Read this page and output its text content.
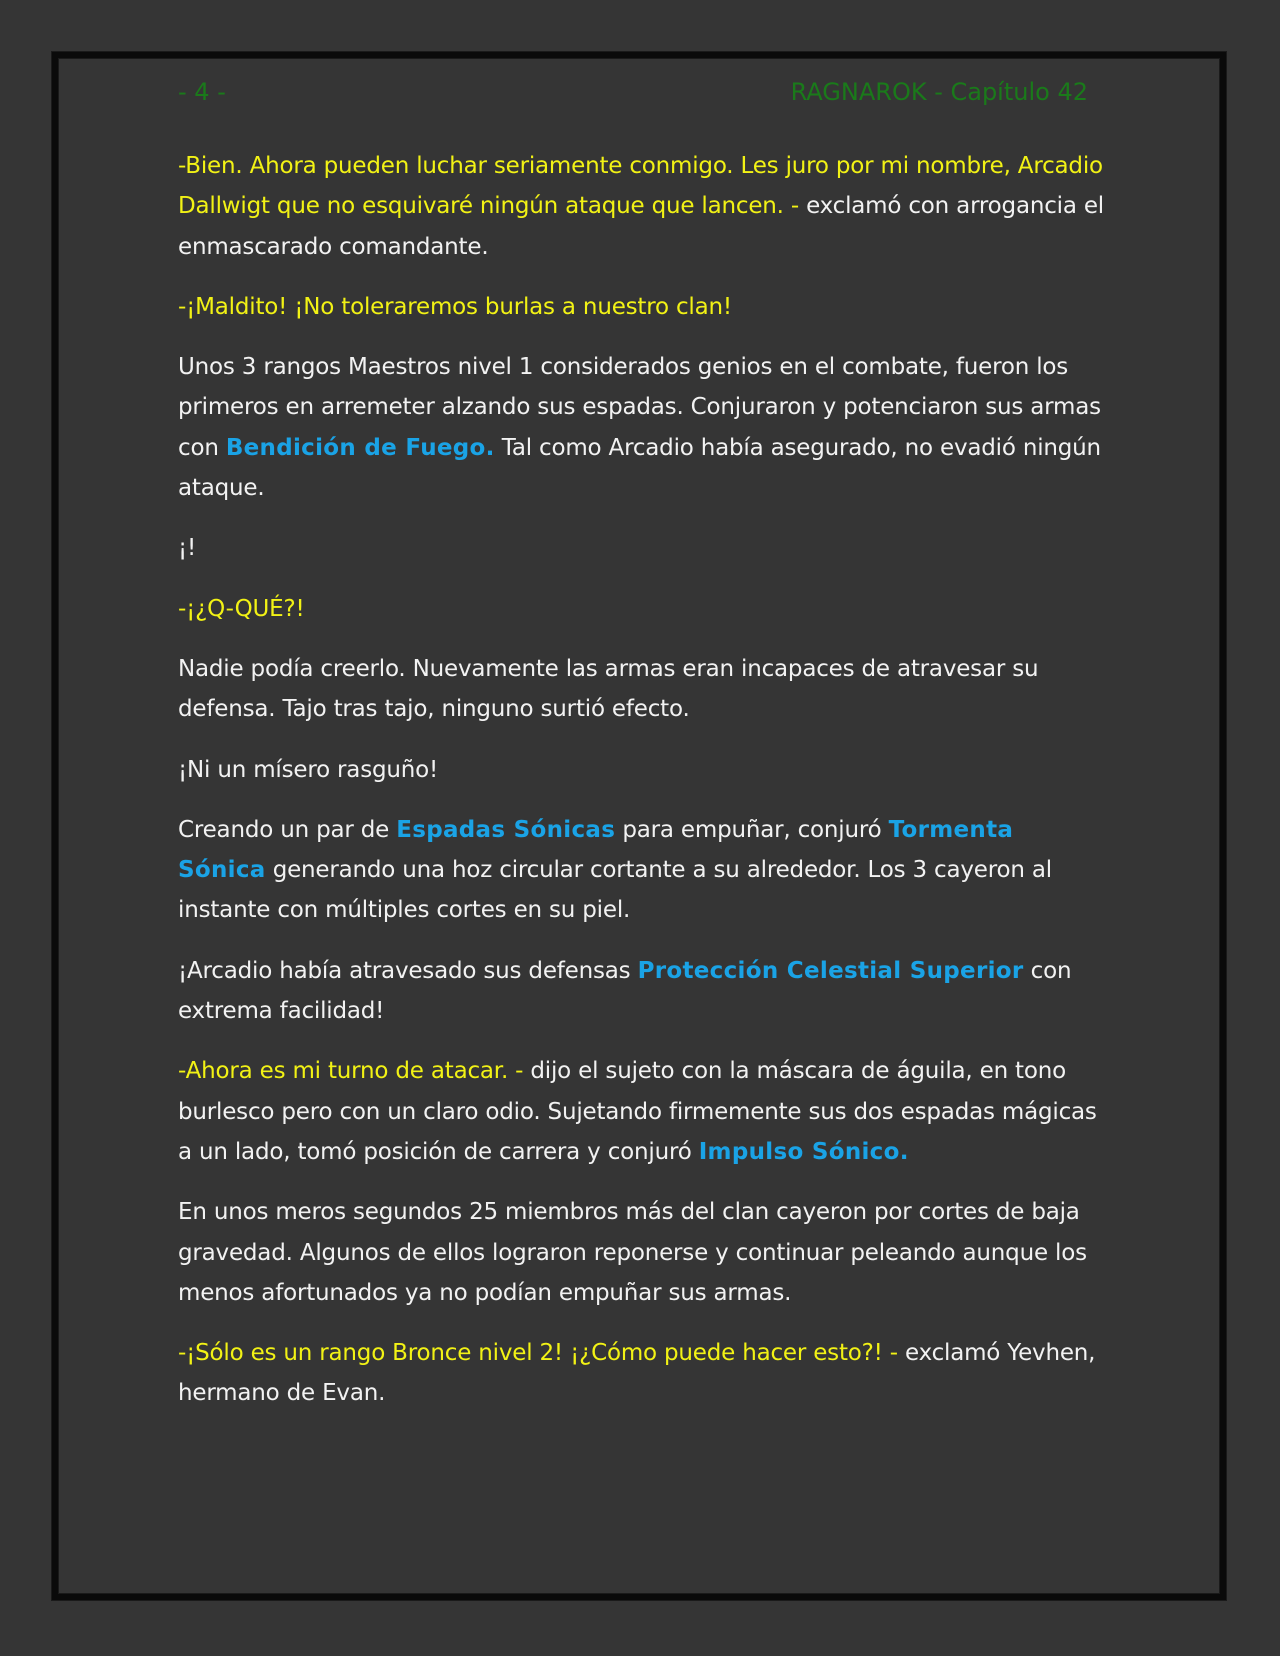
- 4 -	RAGNAROK - Capítulo 42

-Bien. Ahora pueden luchar seriamente conmigo. Les juro por mi nombre, Arcadio Dallwigt que no esquivaré ningún ataque que lancen. - exclamó con arrogancia el enmascarado comandante.

-¡Maldito! ¡No toleraremos burlas a nuestro clan!

Unos 3 rangos Maestros nivel 1 considerados genios en el combate, fueron los primeros en arremeter alzando sus espadas. Conjuraron y potenciaron sus armas con Bendición de Fuego. Tal como Arcadio había asegurado, no evadió ningún ataque.

¡!

-¡¿Q-QUÉ?!

Nadie podía creerlo. Nuevamente las armas eran incapaces de atravesar su defensa. Tajo tras tajo, ninguno surtió efecto.

¡Ni un mísero rasguño!

Creando un par de Espadas Sónicas para empuñar, conjuró Tormenta Sónica generando una hoz circular cortante a su alrededor. Los 3 cayeron al instante con múltiples cortes en su piel.

¡Arcadio había atravesado sus defensas Protección Celestial Superior con extrema facilidad!

-Ahora es mi turno de atacar. - dijo el sujeto con la máscara de águila, en tono burlesco pero con un claro odio. Sujetando firmemente sus dos espadas mágicas a un lado, tomó posición de carrera y conjuró Impulso Sónico.

En unos meros segundos 25 miembros más del clan cayeron por cortes de baja gravedad. Algunos de ellos lograron reponerse y continuar peleando aunque los menos afortunados ya no podían empuñar sus armas.

-¡Sólo es un rango Bronce nivel 2! ¡¿Cómo puede hacer esto?! - exclamó Yevhen, hermano de Evan.
